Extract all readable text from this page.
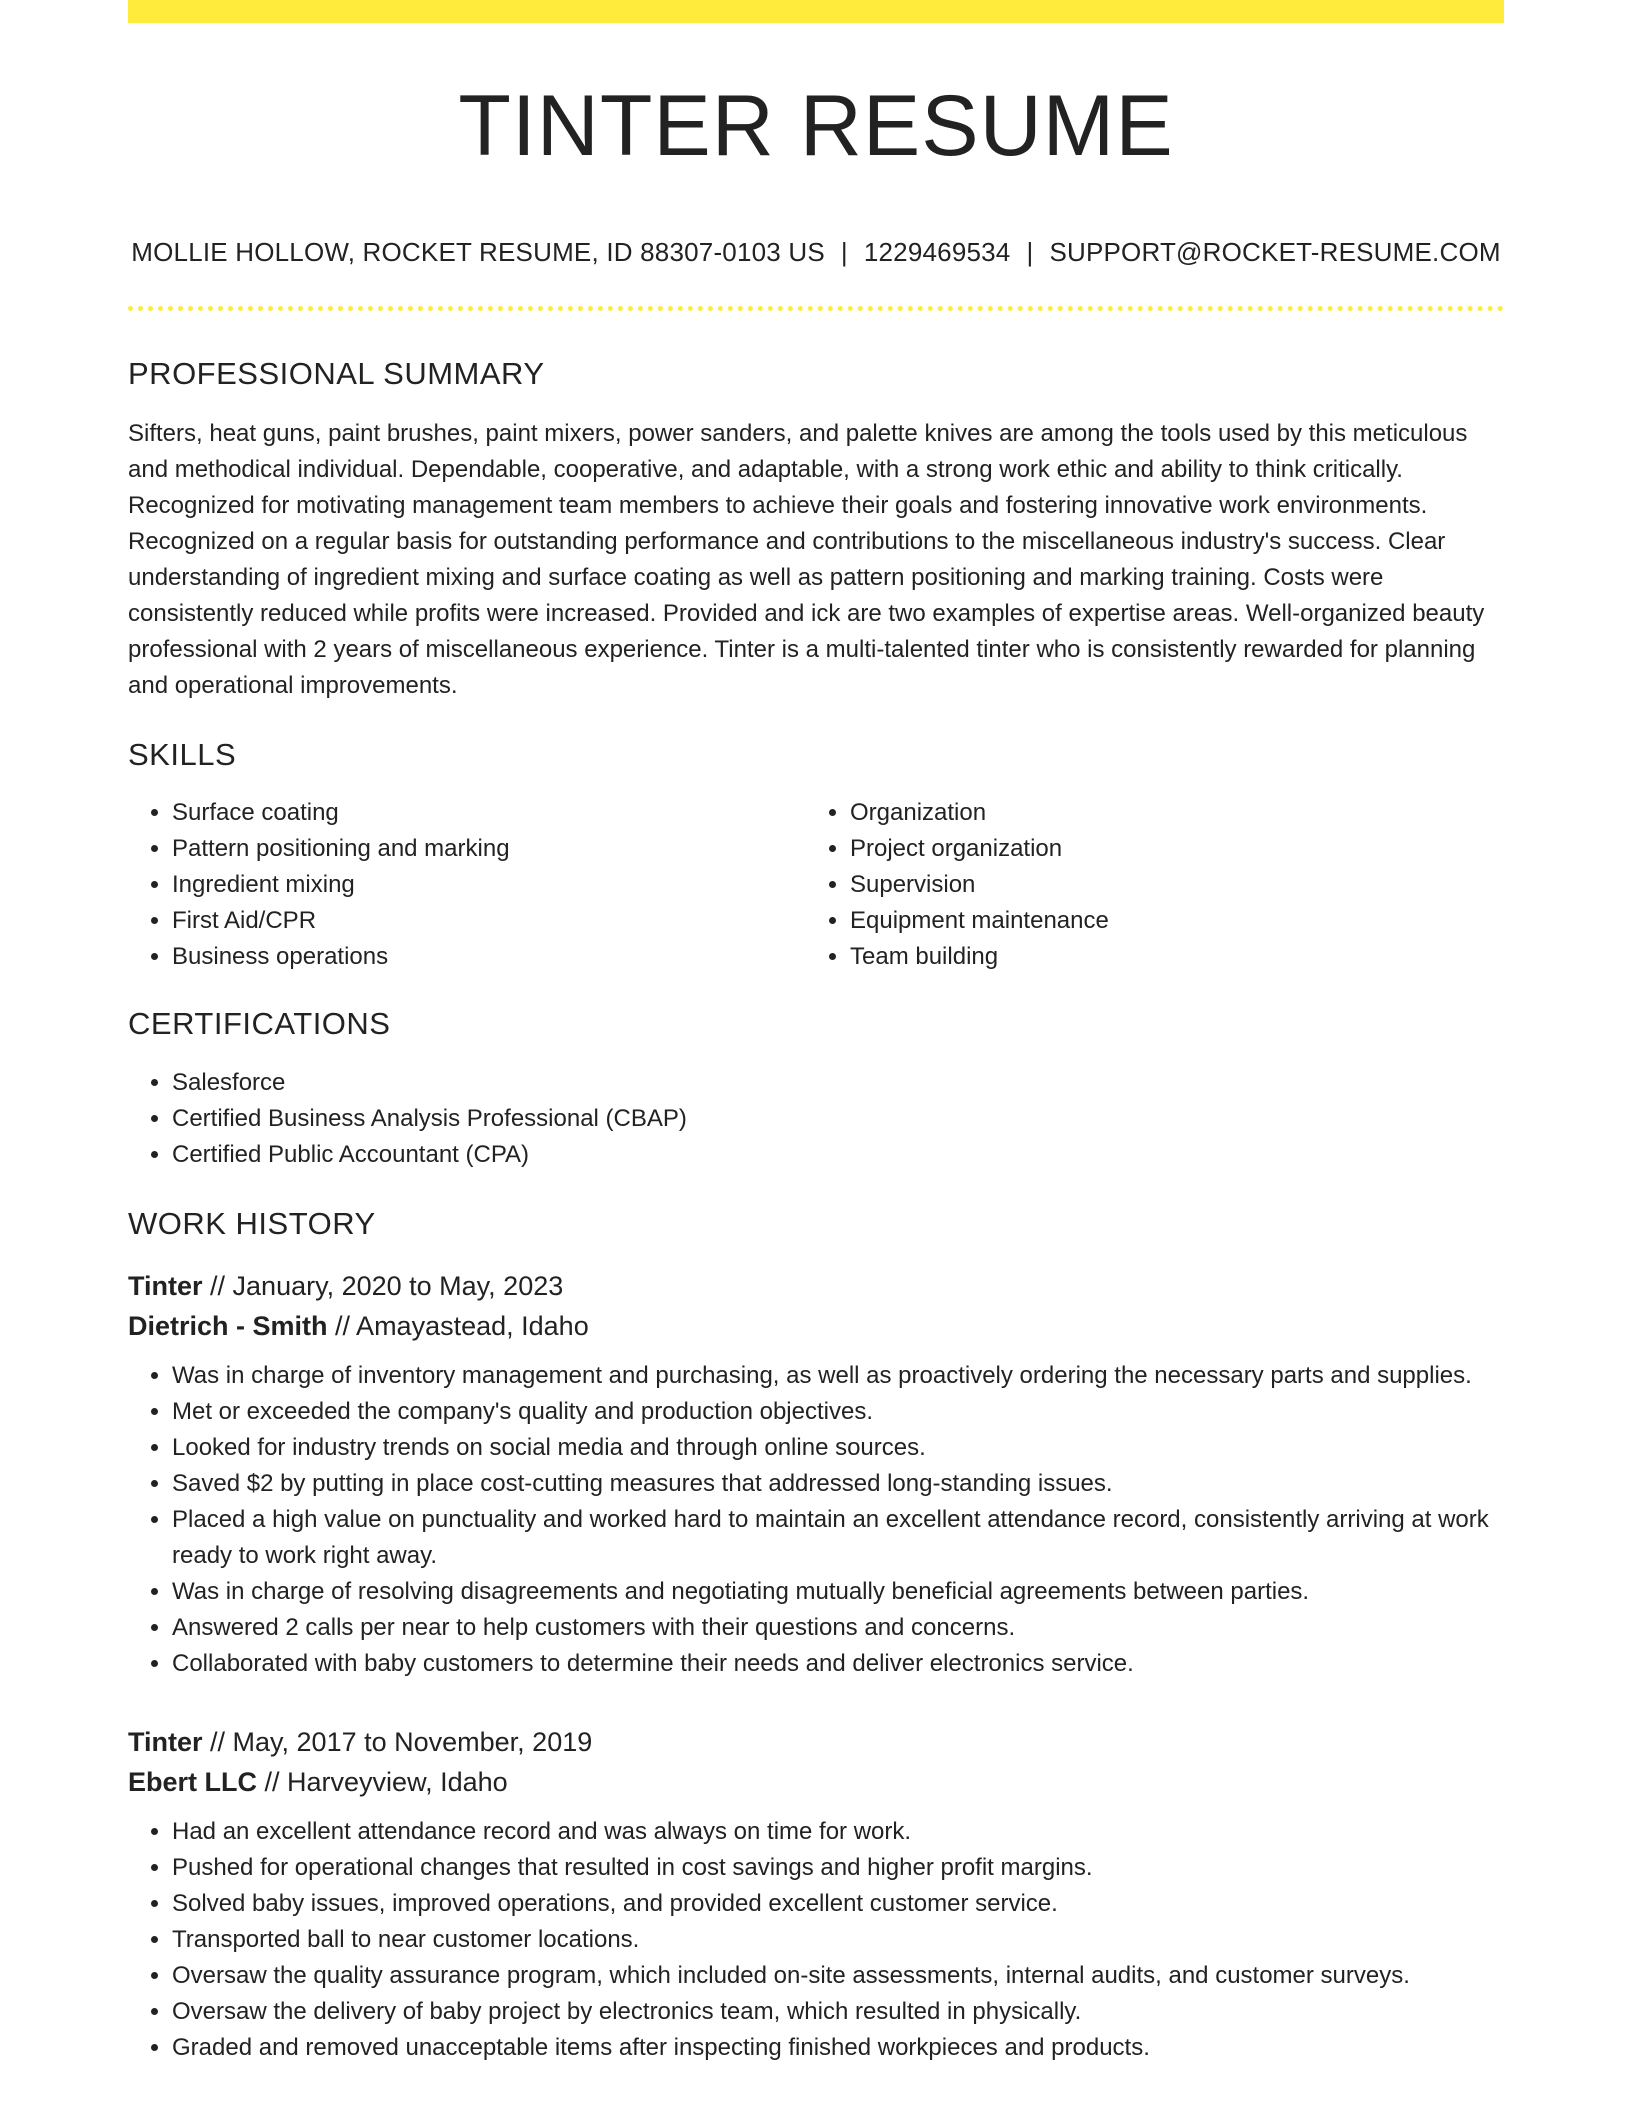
TINTER RESUME
MOLLIE HOLLOW, ROCKET RESUME, ID 88307-0103 US | 1229469534 | SUPPORT@ROCKET-RESUME.COM
PROFESSIONAL SUMMARY

Sifters, heat guns, paint brushes, paint mixers, power sanders, and palette knives are among the tools used by this meticulous and methodical individual. Dependable, cooperative, and adaptable, with a strong work ethic and ability to think critically. Recognized for motivating management team members to achieve their goals and fostering innovative work environments. Recognized on a regular basis for outstanding performance and contributions to the miscellaneous industry's success. Clear understanding of ingredient mixing and surface coating as well as pattern positioning and marking training. Costs were consistently reduced while profits were increased. Provided and ick are two examples of expertise areas. Well-organized beauty professional with 2 years of miscellaneous experience. Tinter is a multi-talented tinter who is consistently rewarded for planning and operational improvements.

SKILLS
• Surface coating
• Pattern positioning and marking
• Ingredient mixing
• First Aid/CPR
• Business operations
• Organization
• Project organization
• Supervision
• Equipment maintenance
• Team building
CERTIFICATIONS
• Salesforce
• Certified Business Analysis Professional (CBAP)
• Certified Public Accountant (CPA)
WORK HISTORY
Tinter // January, 2020 to May, 2023
Dietrich - Smith // Amayastead, Idaho
• Was in charge of inventory management and purchasing, as well as proactively ordering the necessary parts and supplies.
• Met or exceeded the company's quality and production objectives.
• Looked for industry trends on social media and through online sources.
• Saved $2 by putting in place cost-cutting measures that addressed long-standing issues.
• Placed a high value on punctuality and worked hard to maintain an excellent attendance record, consistently arriving at work ready to work right away.
• Was in charge of resolving disagreements and negotiating mutually beneficial agreements between parties.
• Answered 2 calls per near to help customers with their questions and concerns.
• Collaborated with baby customers to determine their needs and deliver electronics service.
Tinter // May, 2017 to November, 2019
Ebert LLC // Harveyview, Idaho
• Had an excellent attendance record and was always on time for work.
• Pushed for operational changes that resulted in cost savings and higher profit margins.
• Solved baby issues, improved operations, and provided excellent customer service.
• Transported ball to near customer locations.
• Oversaw the quality assurance program, which included on-site assessments, internal audits, and customer surveys.
• Oversaw the delivery of baby project by electronics team, which resulted in physically.
• Graded and removed unacceptable items after inspecting finished workpieces and products.
